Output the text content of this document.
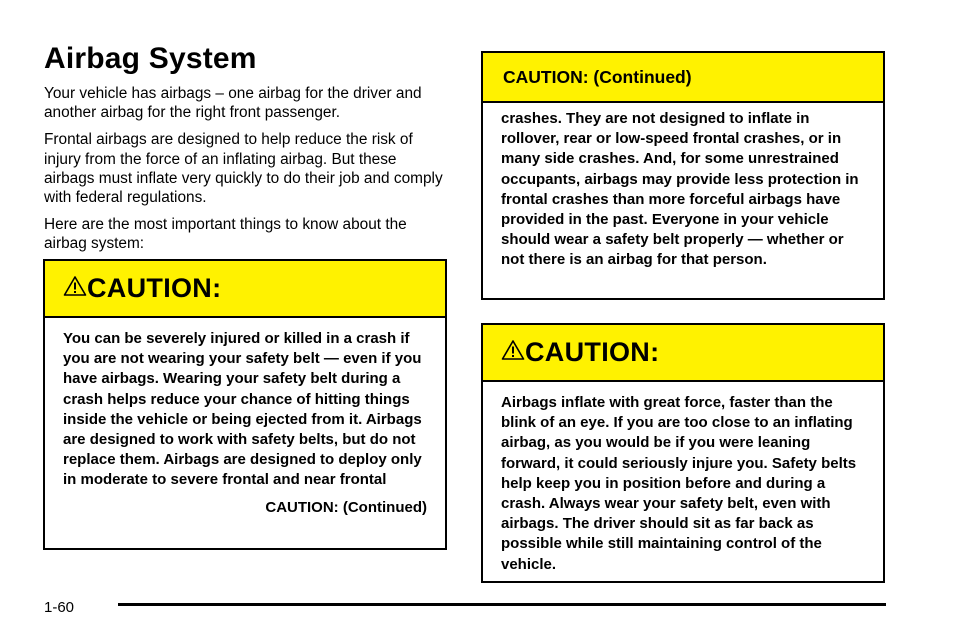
Airbag System

Your vehicle has airbags – one airbag for the driver and another airbag for the right front passenger.

Frontal airbags are designed to help reduce the risk of injury from the force of an inflating airbag. But these airbags must inflate very quickly to do their job and comply with federal regulations.

Here are the most important things to know about the airbag system:

CAUTION:
You can be severely injured or killed in a crash if you are not wearing your safety belt — even if you have airbags. Wearing your safety belt during a crash helps reduce your chance of hitting things inside the vehicle or being ejected from it. Airbags are designed to work with safety belts, but do not replace them. Airbags are designed to deploy only in moderate to severe frontal and near frontal
CAUTION: (Continued)
CAUTION: (Continued)
crashes. They are not designed to inflate in rollover, rear or low-speed frontal crashes, or in many side crashes. And, for some unrestrained occupants, airbags may provide less protection in frontal crashes than more forceful airbags have provided in the past. Everyone in your vehicle should wear a safety belt properly — whether or not there is an airbag for that person.
CAUTION:
Airbags inflate with great force, faster than the blink of an eye. If you are too close to an inflating airbag, as you would be if you were leaning forward, it could seriously injure you. Safety belts help keep you in position before and during a crash. Always wear your safety belt, even with airbags. The driver should sit as far back as possible while still maintaining control of the vehicle.
1-60
